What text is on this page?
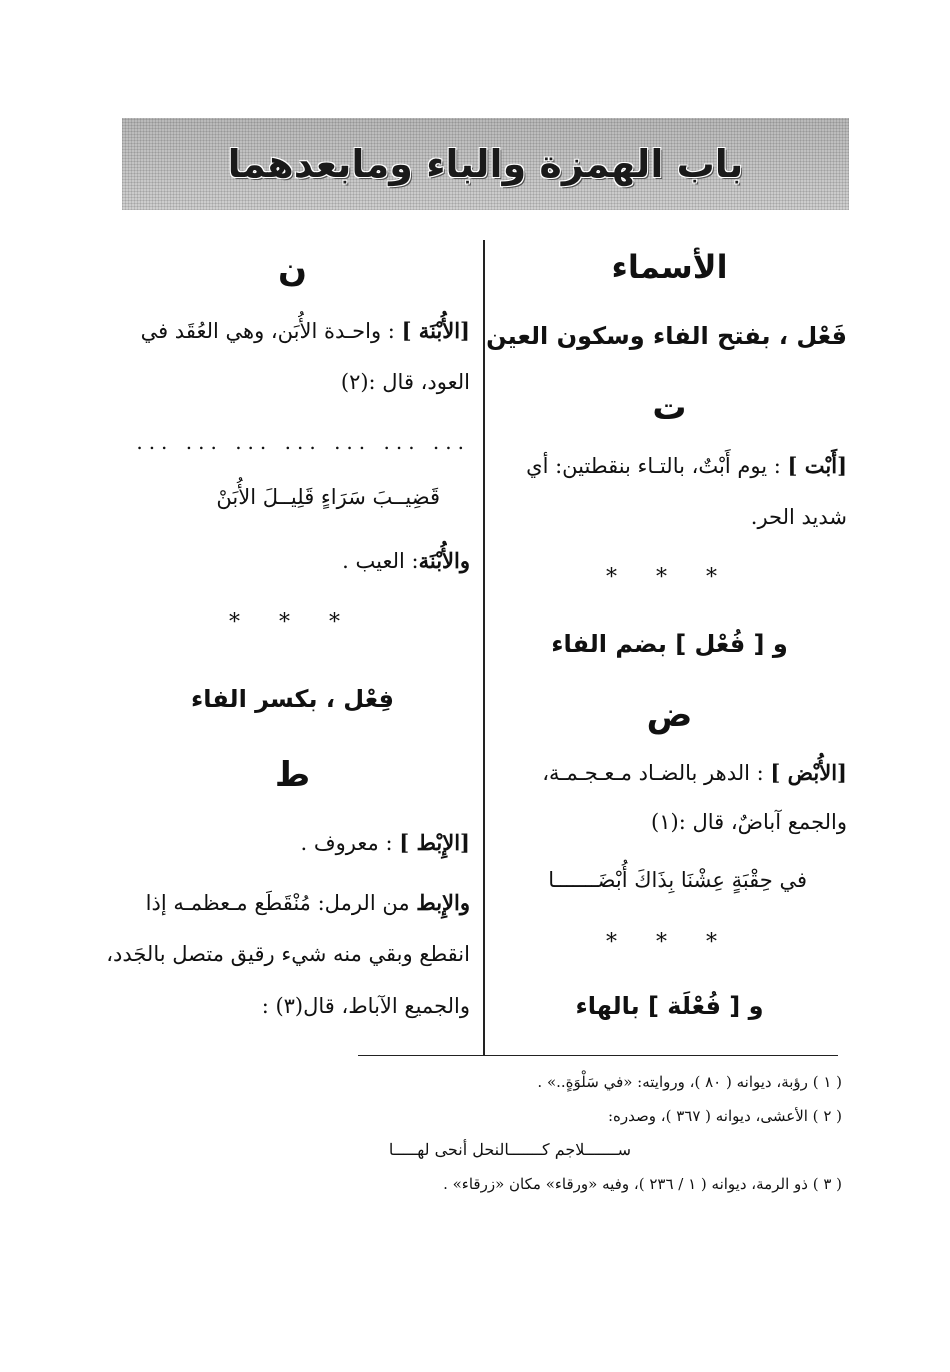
باب الهمزة والباء ومابعدهما
الأسماء
فَعْل ، بفتح الفاء وسكون العين
ت
[أَبْت ] : يوم أَبْتٌ، بالتـاء بنقطتين: أي
شديد الحر.
* * *
و [ فُعْل ] بضم الفاء
ض
[الأُبْض ] : الدهر بالضـاد مـعـجـمـة،
والجمع آباضٌ، قال :(١)
في حِقْبَةٍ عِشْنَا بِذَاكَ أُبْضَـــــــا
* * *
و [ فُعْلَة ] بالهاء
ن
[الأُبْنَة ] : واحـدة الأُبَن، وهي العُقَد في
العود، قال :(٢)
... ... ... ... ... ... ...
قَضِيــبَ سَرَاءٍ قَلِيــلَ الأُبَنْ
والأُبْنَة: العيب .
* * *
فِعْل ، بكسر الفاء
ط
[الإِبْط ] : معروف .
والإِبط من الرمل: مُنْقَطَع مـعظمـه إذا
انقطع وبقي منه شيء رقيق متصل بالجَدد،
والجميع الآباط، قال(٣) :
( ١ ) رؤبة، ديوانه ( ٨٠ )، وروايته: «في سَلْوَةٍ..» .
( ٢ ) الأعشى، ديوانه ( ٣٦٧ )، وصدره:
ســـــــلاجم كـــــــالنحل أنحى لهـــــا
( ٣ ) ذو الرمة، ديوانه ( ١ / ٢٣٦ )، وفيه «ورقاء» مكان «زرقاء» .
